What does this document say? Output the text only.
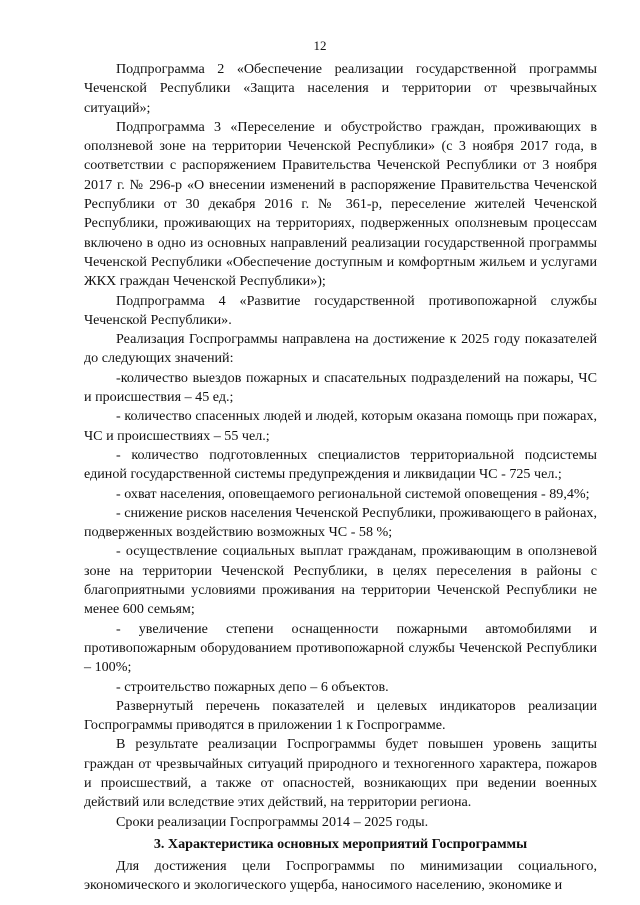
12

Подпрограмма 2 «Обеспечение реализации государственной программы Чеченской Республики «Защита населения и территории от чрезвычайных ситуаций»;

Подпрограмма 3 «Переселение и обустройство граждан, проживающих в оползневой зоне на территории Чеченской Республики» (с 3 ноября 2017 года, в соответствии с распоряжением Правительства Чеченской Республики от 3 ноября 2017 г. № 296-р «О внесении изменений в распоряжение Правительства Чеченской Республики от 30 декабря 2016 г. № 361-р, переселение жителей Чеченской Республики, проживающих на территориях, подверженных оползневым процессам включено в одно из основных направлений реализации государственной программы Чеченской Республики «Обеспечение доступным и комфортным жильем и услугами ЖКХ граждан Чеченской Республики»);

Подпрограмма 4 «Развитие государственной противопожарной службы Чеченской Республики».

Реализация Госпрограммы направлена на достижение к 2025 году показателей до следующих значений:

-количество выездов пожарных и спасательных подразделений на пожары, ЧС и происшествия – 45 ед.;

- количество спасенных людей и людей, которым оказана помощь при пожарах, ЧС и происшествиях – 55 чел.;

- количество подготовленных специалистов территориальной подсистемы единой государственной системы предупреждения и ликвидации ЧС - 725 чел.;

- охват населения, оповещаемого региональной системой оповещения - 89,4%;

- снижение рисков населения Чеченской Республики, проживающего в районах, подверженных воздействию возможных ЧС - 58 %;

- осуществление социальных выплат гражданам, проживающим в оползневой зоне на территории Чеченской Республики, в целях переселения в районы с благоприятными условиями проживания на территории Чеченской Республики не менее 600 семьям;

- увеличение степени оснащенности пожарными автомобилями и противопожарным оборудованием противопожарной службы Чеченской Республики – 100%;

- строительство пожарных депо – 6 объектов.

Развернутый перечень показателей и целевых индикаторов реализации Госпрограммы приводятся в приложении 1 к Госпрограмме.

В результате реализации Госпрограммы будет повышен уровень защиты граждан от чрезвычайных ситуаций природного и техногенного характера, пожаров и происшествий, а также от опасностей, возникающих при ведении военных действий или вследствие этих действий, на территории региона.

Сроки реализации Госпрограммы 2014 – 2025 годы.

3. Характеристика основных мероприятий Госпрограммы

Для достижения цели Госпрограммы по минимизации социального, экономического и экологического ущерба, наносимого населению, экономике и
